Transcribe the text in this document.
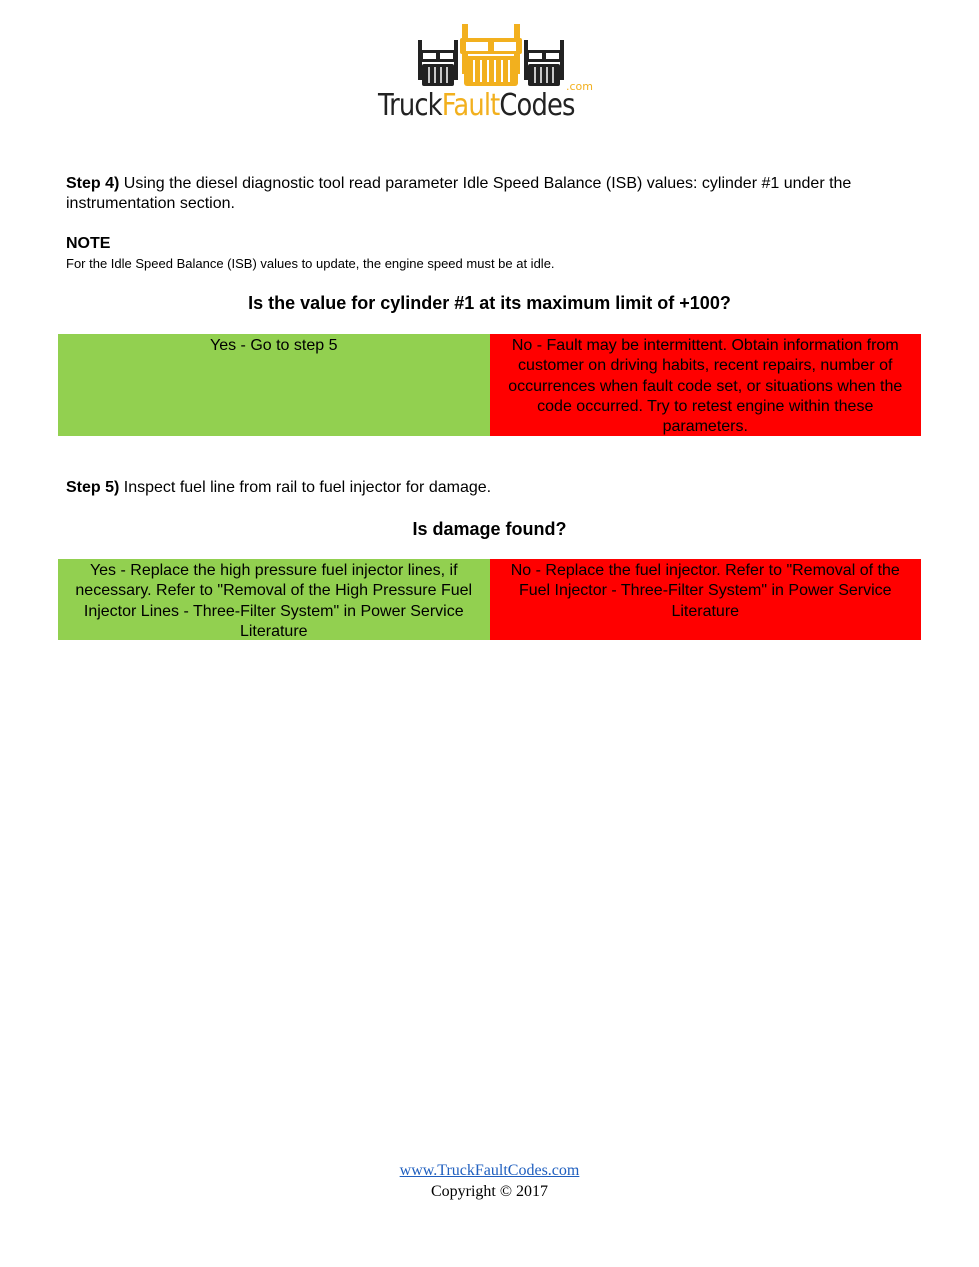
.com
TruckFaultCodes
Step 4) Using the diesel diagnostic tool read parameter Idle Speed Balance (ISB) values: cylinder #1 under the instrumentation section.
NOTE
For the Idle Speed Balance (ISB) values to update, the engine speed must be at idle.
Is the value for cylinder #1 at its maximum limit of +100?
Yes - Go to step 5	No - Fault may be intermittent. Obtain information from customer on driving habits, recent repairs, number of occurrences when fault code set, or situations when the code occurred. Try to retest engine within these parameters.
Step 5) Inspect fuel line from rail to fuel injector for damage.
Is damage found?
Yes - Replace the high pressure fuel injector lines, if necessary. Refer to "Removal of the High Pressure Fuel Injector Lines - Three-Filter System" in Power Service Literature
No - Replace the fuel injector. Refer to "Removal of the Fuel Injector - Three-Filter System" in Power Service Literature
www.TruckFaultCodes.com
Copyright © 2017
